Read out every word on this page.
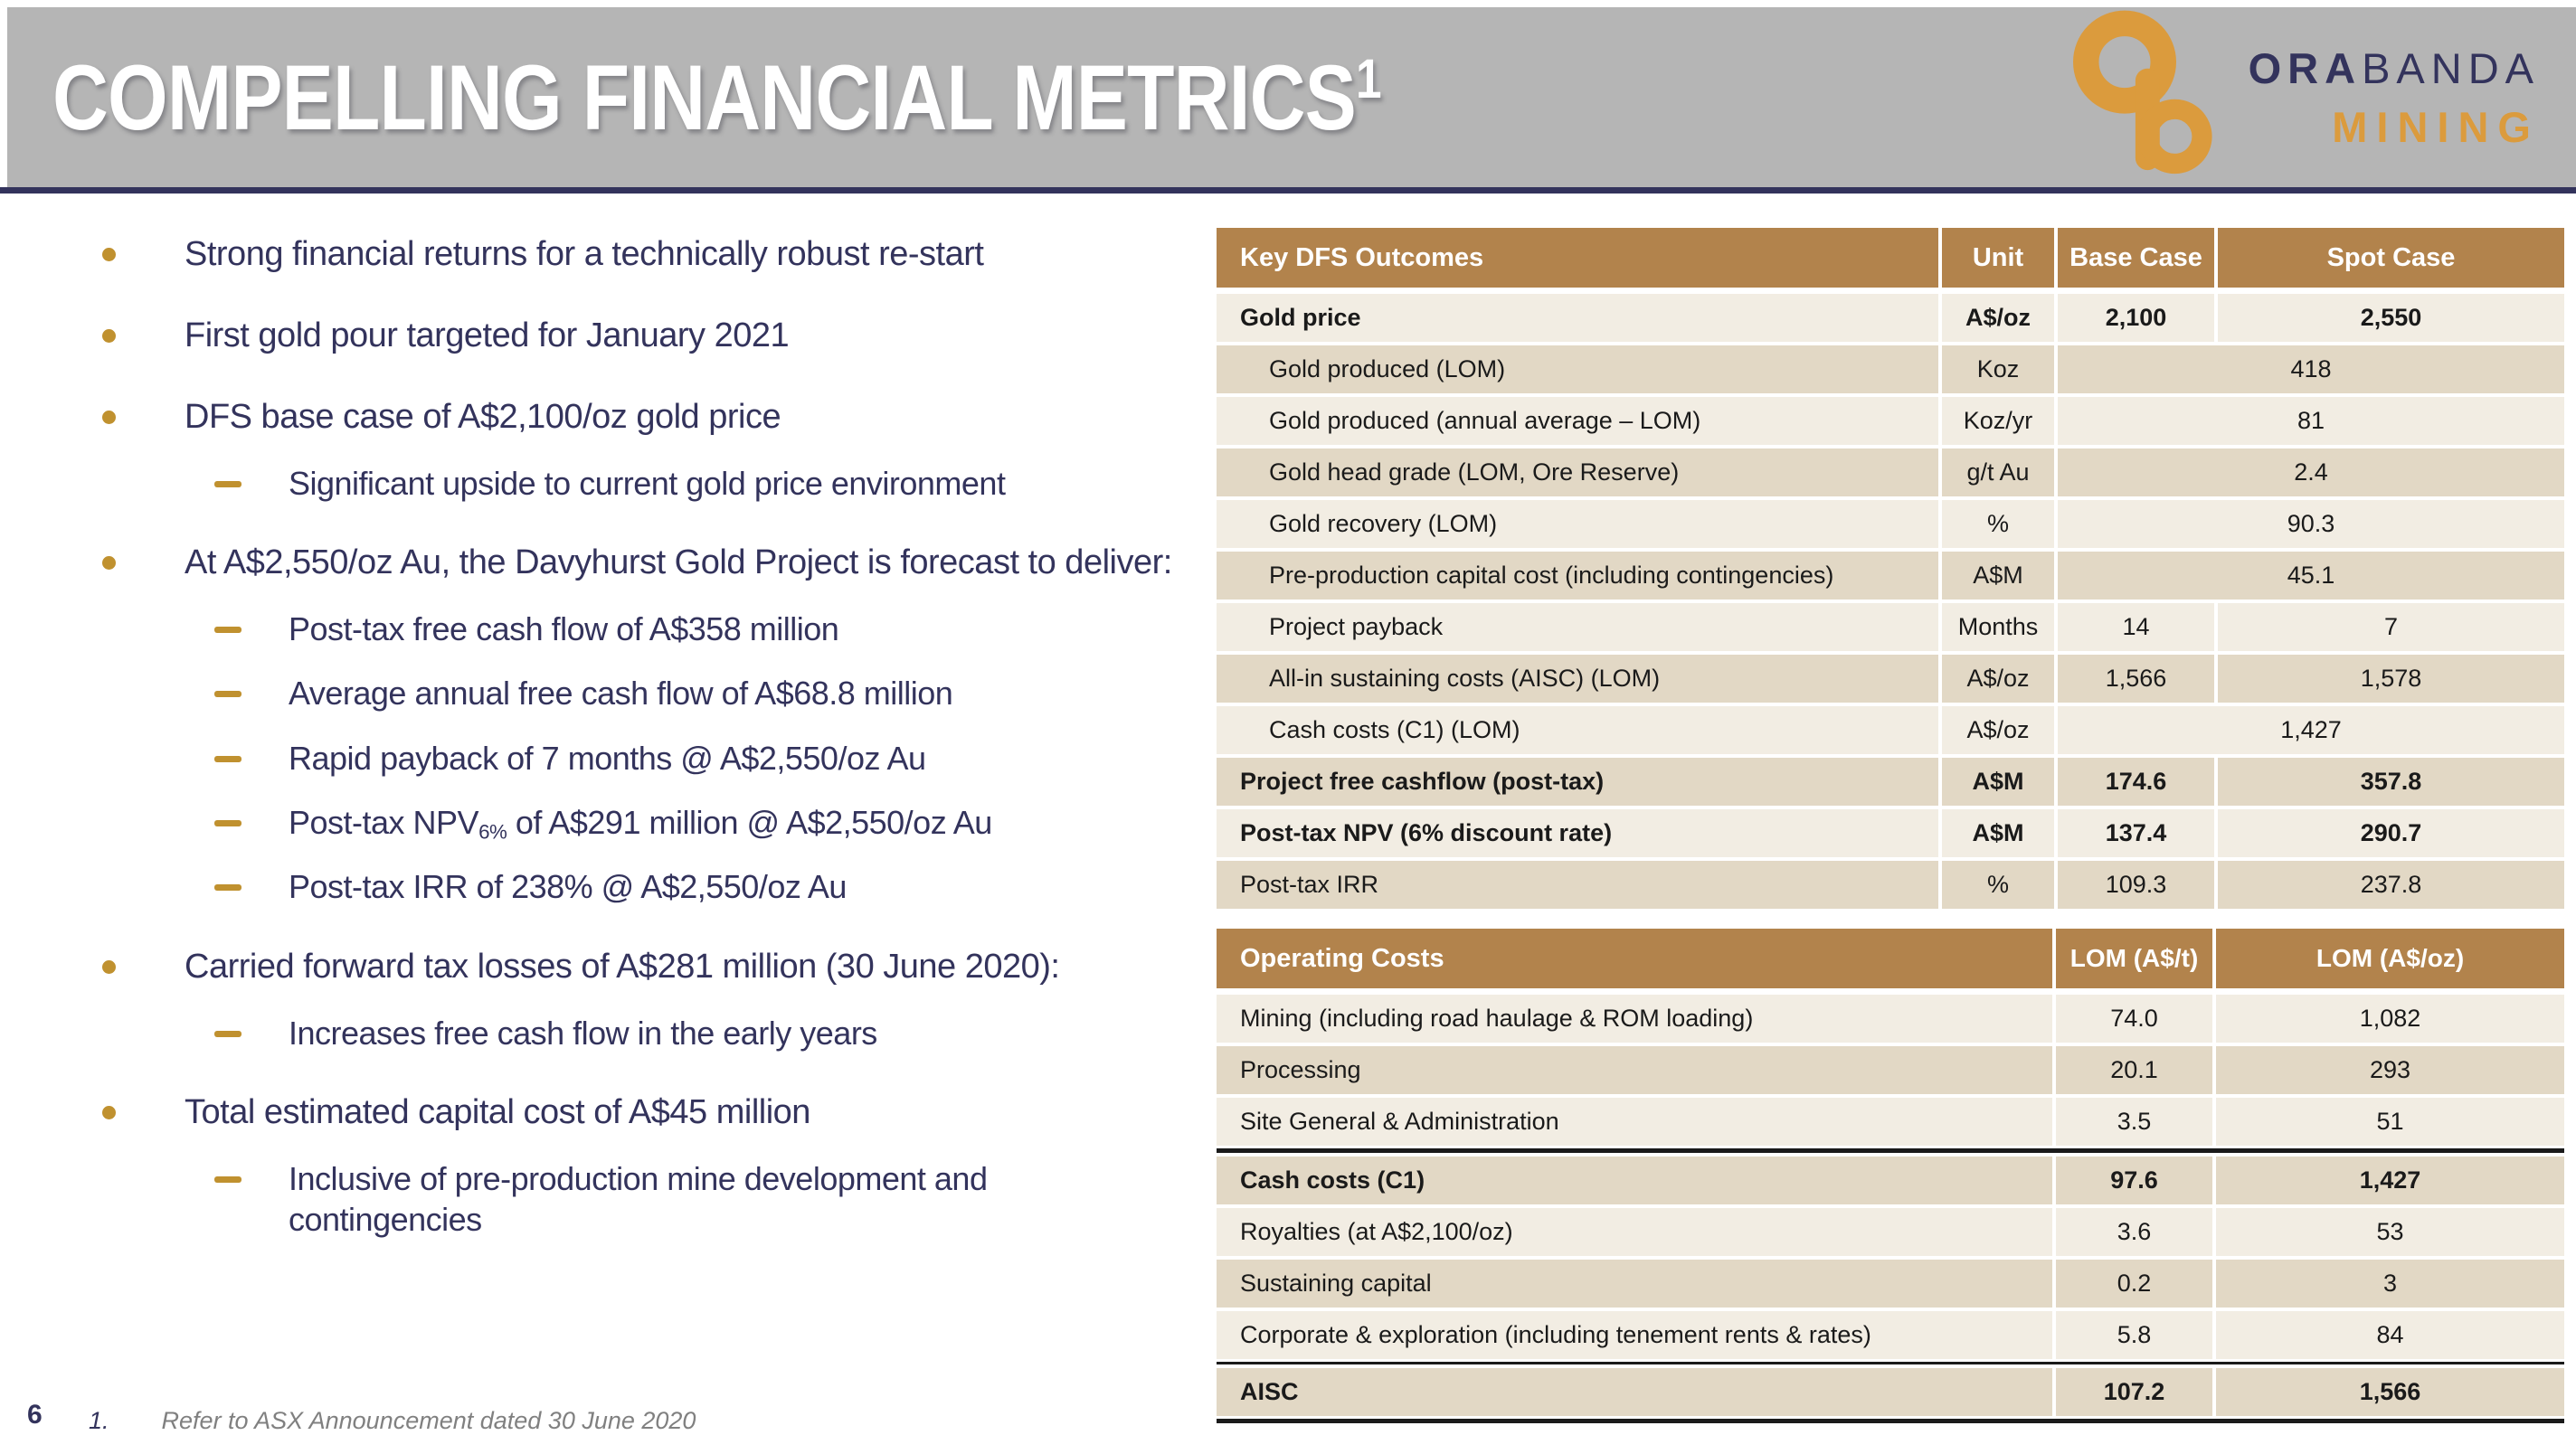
COMPELLING FINANCIAL METRICS$^1$	ORABANDA
MINING
Strong financial returns for a technically robust re-start
First gold pour targeted for January 2021
DFS base case of A$2,100/oz gold price
Significant upside to current gold price environment
At A$2,550/oz Au, the Davyhurst Gold Project is forecast to deliver:
Post-tax free cash flow of A$358 million
Average annual free cash flow of A$68.8 million
Rapid payback of 7 months @ A$2,550/oz Au
Post-tax $NPV_{6\%}$ of A$291 million @ A$2,550/oz Au
Post-tax IRR of 238% @ A$2,550/oz Au
Carried forward tax losses of A$281 million (30 June 2020):
Increases free cash flow in the early years
Total estimated capital cost of A$45 million
Inclusive of pre-production mine development and contingencies
Key DFS Outcomes	Unit	Base Case	Spot Case
Gold price	A$/oz	2,100	2,550
Gold produced (LOM)	Koz	418
Gold produced (annual average – LOM)	Koz/yr	81
Gold head grade (LOM, Ore Reserve)	g/t Au	2.4
Gold recovery (LOM)	%	90.3
Pre-production capital cost (including contingencies)	A$M	45.1
Project payback	Months	14	7
All-in sustaining costs (AISC) (LOM)	A$/oz	1,566	1,578
Cash costs (C1) (LOM)	A$/oz	1,427
Project free cashflow (post-tax)	A$M	174.6	357.8
Post-tax NPV (6% discount rate)	A$M	137.4	290.7
Post-tax IRR	%	109.3	237.8
Operating Costs	LOM (A$/t)	LOM (A$/oz)
Mining (including road haulage & ROM loading)	74.0	1,082
Processing	20.1	293
Site General & Administration	3.5	51
Cash costs (C1)	97.6	1,427
Royalties (at A$2,100/oz)	3.6	53
Sustaining capital	0.2	3
Corporate & exploration (including tenement rents & rates)	5.8	84
AISC	107.2	1,566
6 1. Refer to ASX Announcement dated 30 June 2020
